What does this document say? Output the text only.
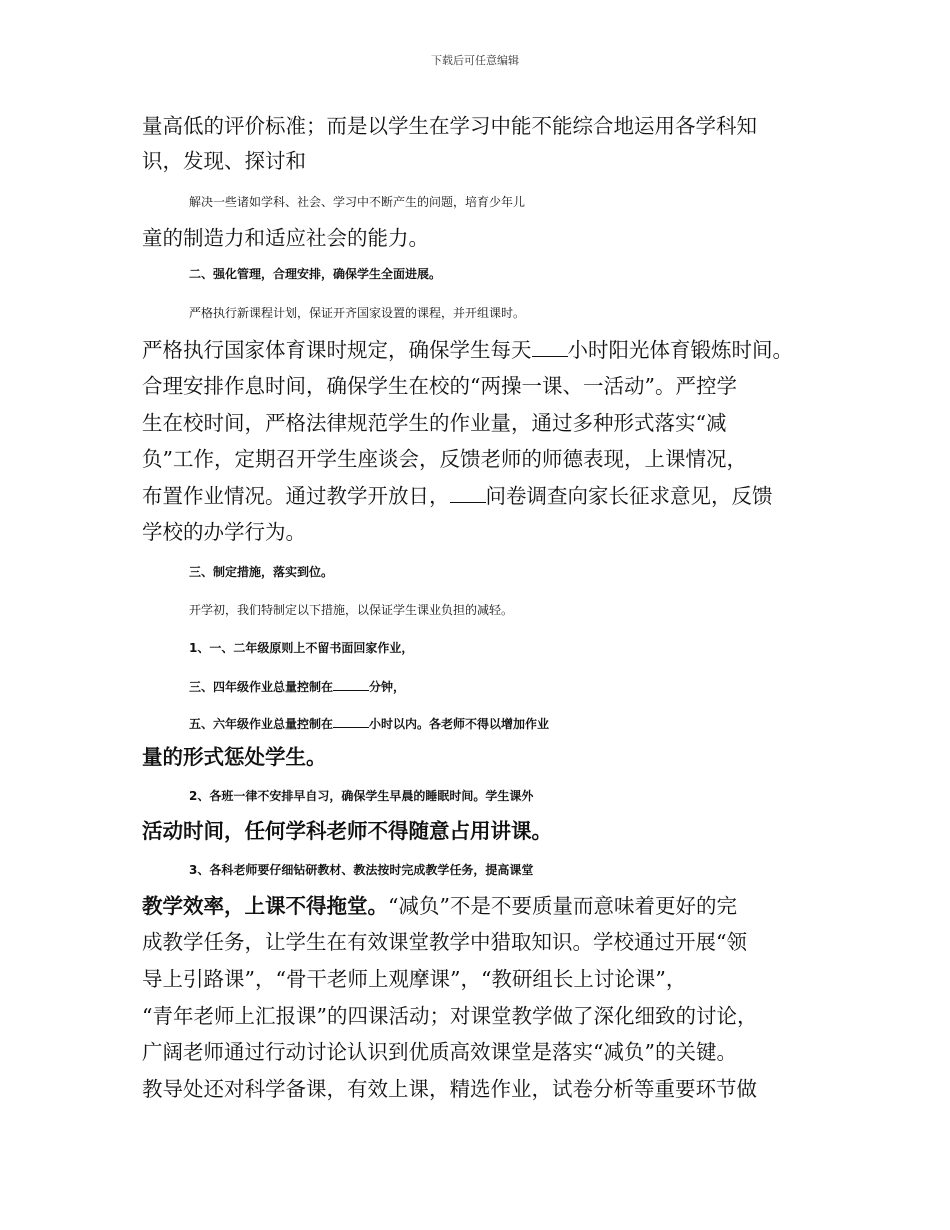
下载后可任意编辑
量高低的评价标准；而是以学生在学习中能不能综合地运用各学科知
识，发现、探讨和
解决一些诸如学科、社会、学习中不断产生的问题，培育少年儿
童的制造力和适应社会的能力。
二、强化管理，合理安排，确保学生全面进展。
严格执行新课程计划，保证开齐国家设置的课程，并开组课时。
严格执行国家体育课时规定，确保学生每天 小时阳光体育锻炼时间。
合理安排作息时间，确保学生在校的“两操一课、一活动”。严控学
生在校时间，严格法律规范学生的作业量，通过多种形式落实“减
负”工作，定期召开学生座谈会，反馈老师的师德表现，上课情况，
布置作业情况。通过教学开放日， 问卷调查向家长征求意见，反馈
学校的办学行为。
三、制定措施，落实到位。
开学初，我们特制定以下措施，以保证学生课业负担的减轻。
1、一、二年级原则上不留书面回家作业，
三、四年级作业总量控制在	分钟，
五、六年级作业总量控制在	小时以内。各老师不得以增加作业
量的形式惩处学生。
2、各班一律不安排早自习，确保学生早晨的睡眠时间。学生课外
活动时间，任何学科老师不得随意占用讲课。
3、各科老师要仔细钻研教材、教法按时完成教学任务，提高课堂
教学效率，上课不得拖堂。“减负”不是不要质量而意味着更好的完
成教学任务，让学生在有效课堂教学中猎取知识。学校通过开展“领
导上引路课”，“骨干老师上观摩课”，“教研组长上讨论课”，
“青年老师上汇报课”的四课活动；对课堂教学做了深化细致的讨论，
广阔老师通过行动讨论认识到优质高效课堂是落实“减负”的关键。
教导处还对科学备课，有效上课，精选作业，试卷分析等重要环节做
